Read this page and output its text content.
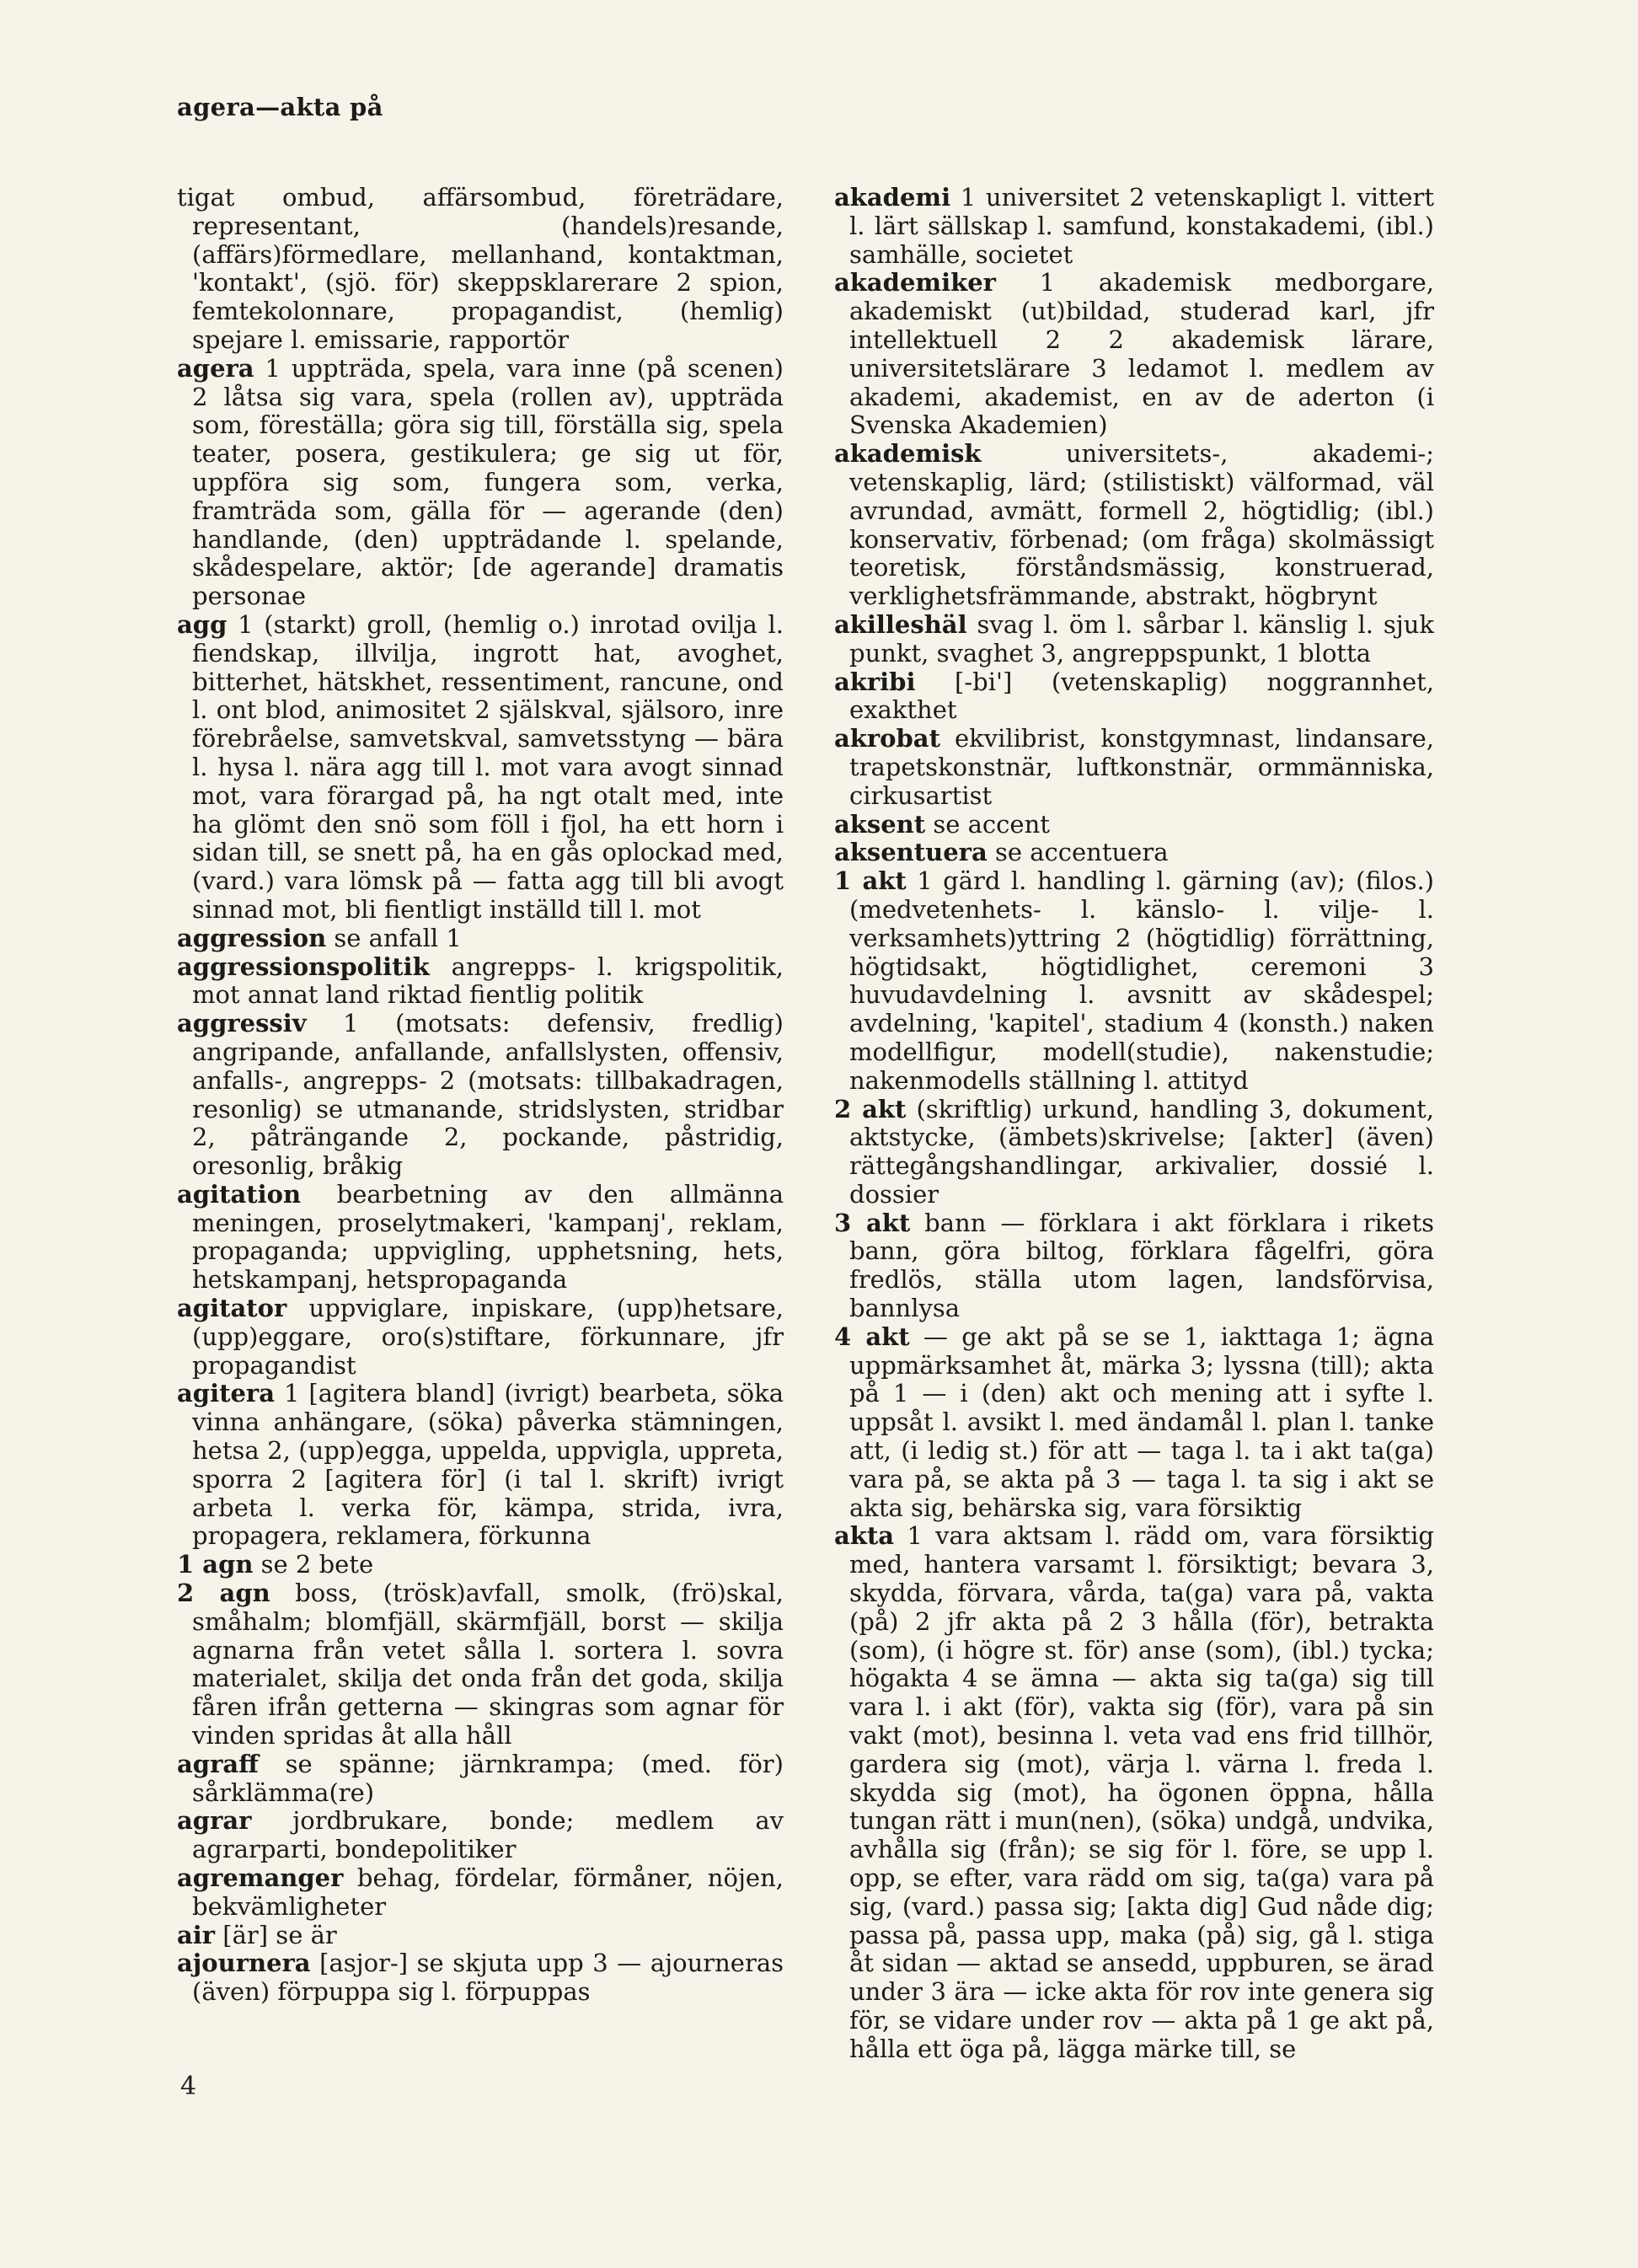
agera—akta på

tigat ombud, affärsombud, företrädare, representant, (handels)resande, (affärs)förmedlare, mellanhand, kontaktman, 'kontakt', (sjö. för) skeppsklarerare 2 spion, femtekolonnare, propagandist, (hemlig) spejare l. emissarie, rapportör

agera 1 uppträda, spela, vara inne (på scenen) 2 låtsa sig vara, spela (rollen av), uppträda som, föreställa; göra sig till, förställa sig, spela teater, posera, gestikulera; ge sig ut för, uppföra sig som, fungera som, verka, framträda som, gälla för — agerande (den) handlande, (den) uppträdande l. spelande, skådespelare, aktör; [de agerande] dramatis personae

agg 1 (starkt) groll, (hemlig o.) inrotad ovilja l. fiendskap, illvilja, ingrott hat, avoghet, bitterhet, hätskhet, ressentiment, rancune, ond l. ont blod, animositet 2 själskval, själsoro, inre förebråelse, samvetskval, samvetsstyng — bära l. hysa l. nära agg till l. mot vara avogt sinnad mot, vara förargad på, ha ngt otalt med, inte ha glömt den snö som föll i fjol, ha ett horn i sidan till, se snett på, ha en gås oplockad med, (vard.) vara lömsk på — fatta agg till bli avogt sinnad mot, bli fientligt inställd till l. mot

aggression se anfall 1

aggressionspolitik angrepps- l. krigspolitik, mot annat land riktad fientlig politik

aggressiv 1 (motsats: defensiv, fredlig) angripande, anfallande, anfallslysten, offensiv, anfalls-, angrepps- 2 (motsats: tillbakadragen, resonlig) se utmanande, stridslysten, stridbar 2, påträngande 2, pockande, påstridig, oresonlig, bråkig

agitation bearbetning av den allmänna meningen, proselytmakeri, 'kampanj', reklam, propaganda; uppvigling, upphetsning, hets, hetskampanj, hetspropaganda

agitator uppviglare, inpiskare, (upp)hetsare, (upp)eggare, oro(s)stiftare, förkunnare, jfr propagandist

agitera 1 [agitera bland] (ivrigt) bearbeta, söka vinna anhängare, (söka) påverka stämningen, hetsa 2, (upp)egga, uppelda, uppvigla, uppreta, sporra 2 [agitera för] (i tal l. skrift) ivrigt arbeta l. verka för, kämpa, strida, ivra, propagera, reklamera, förkunna

1 agn se 2 bete

2 agn boss, (trösk)avfall, smolk, (frö)skal, småhalm; blomfjäll, skärmfjäll, borst — skilja agnarna från vetet sålla l. sortera l. sovra materialet, skilja det onda från det goda, skilja fåren ifrån getterna — skingras som agnar för vinden spridas åt alla håll

agraff se spänne; järnkrampa; (med. för) sårklämma(re)

agrar jordbrukare, bonde; medlem av agrarparti, bondepolitiker

agremanger behag, fördelar, förmåner, nöjen, bekvämligheter

air [är] se är

ajournera [asjor-] se skjuta upp 3 — ajourneras (även) förpuppa sig l. förpuppas

akademi 1 universitet 2 vetenskapligt l. vittert l. lärt sällskap l. samfund, konstakademi, (ibl.) samhälle, societet

akademiker 1 akademisk medborgare, akademiskt (ut)bildad, studerad karl, jfr intellektuell 2 2 akademisk lärare, universitetslärare 3 ledamot l. medlem av akademi, akademist, en av de aderton (i Svenska Akademien)

akademisk universitets-, akademi-; vetenskaplig, lärd; (stilistiskt) välformad, väl avrundad, avmätt, formell 2, högtidlig; (ibl.) konservativ, förbenad; (om fråga) skolmässigt teoretisk, förståndsmässig, konstruerad, verklighetsfrämmande, abstrakt, högbrynt

akilleshäl svag l. öm l. sårbar l. känslig l. sjuk punkt, svaghet 3, angreppspunkt, 1 blotta

akribi [-bi'] (vetenskaplig) noggrannhet, exakthet

akrobat ekvilibrist, konstgymnast, lindansare, trapetskonstnär, luftkonstnär, ormmänniska, cirkusartist

aksent se accent

aksentuera se accentuera

1 akt 1 gärd l. handling l. gärning (av); (filos.) (medvetenhets- l. känslo- l. vilje- l. verksamhets)yttring 2 (högtidlig) förrättning, högtidsakt, högtidlighet, ceremoni 3 huvudavdelning l. avsnitt av skådespel; avdelning, 'kapitel', stadium 4 (konsth.) naken modellfigur, modell(studie), nakenstudie; nakenmodells ställning l. attityd

2 akt (skriftlig) urkund, handling 3, dokument, aktstycke, (ämbets)skrivelse; [akter] (även) rättegångshandlingar, arkivalier, dossié l. dossier

3 akt bann — förklara i akt förklara i rikets bann, göra biltog, förklara fågelfri, göra fredlös, ställa utom lagen, landsförvisa, bannlysa

4 akt — ge akt på se se 1, iakttaga 1; ägna uppmärksamhet åt, märka 3; lyssna (till); akta på 1 — i (den) akt och mening att i syfte l. uppsåt l. avsikt l. med ändamål l. plan l. tanke att, (i ledig st.) för att — taga l. ta i akt ta(ga) vara på, se akta på 3 — taga l. ta sig i akt se akta sig, behärska sig, vara försiktig

akta 1 vara aktsam l. rädd om, vara försiktig med, hantera varsamt l. försiktigt; bevara 3, skydda, förvara, vårda, ta(ga) vara på, vakta (på) 2 jfr akta på 2 3 hålla (för), betrakta (som), (i högre st. för) anse (som), (ibl.) tycka; högakta 4 se ämna — akta sig ta(ga) sig till vara l. i akt (för), vakta sig (för), vara på sin vakt (mot), besinna l. veta vad ens frid tillhör, gardera sig (mot), värja l. värna l. freda l. skydda sig (mot), ha ögonen öppna, hålla tungan rätt i mun(nen), (söka) undgå, undvika, avhålla sig (från); se sig för l. före, se upp l. opp, se efter, vara rädd om sig, ta(ga) vara på sig, (vard.) passa sig; [akta dig] Gud nåde dig; passa på, passa upp, maka (på) sig, gå l. stiga åt sidan — aktad se ansedd, uppburen, se ärad under 3 ära — icke akta för rov inte genera sig för, se vidare under rov — akta på 1 ge akt på, hålla ett öga på, lägga märke till, se

4
